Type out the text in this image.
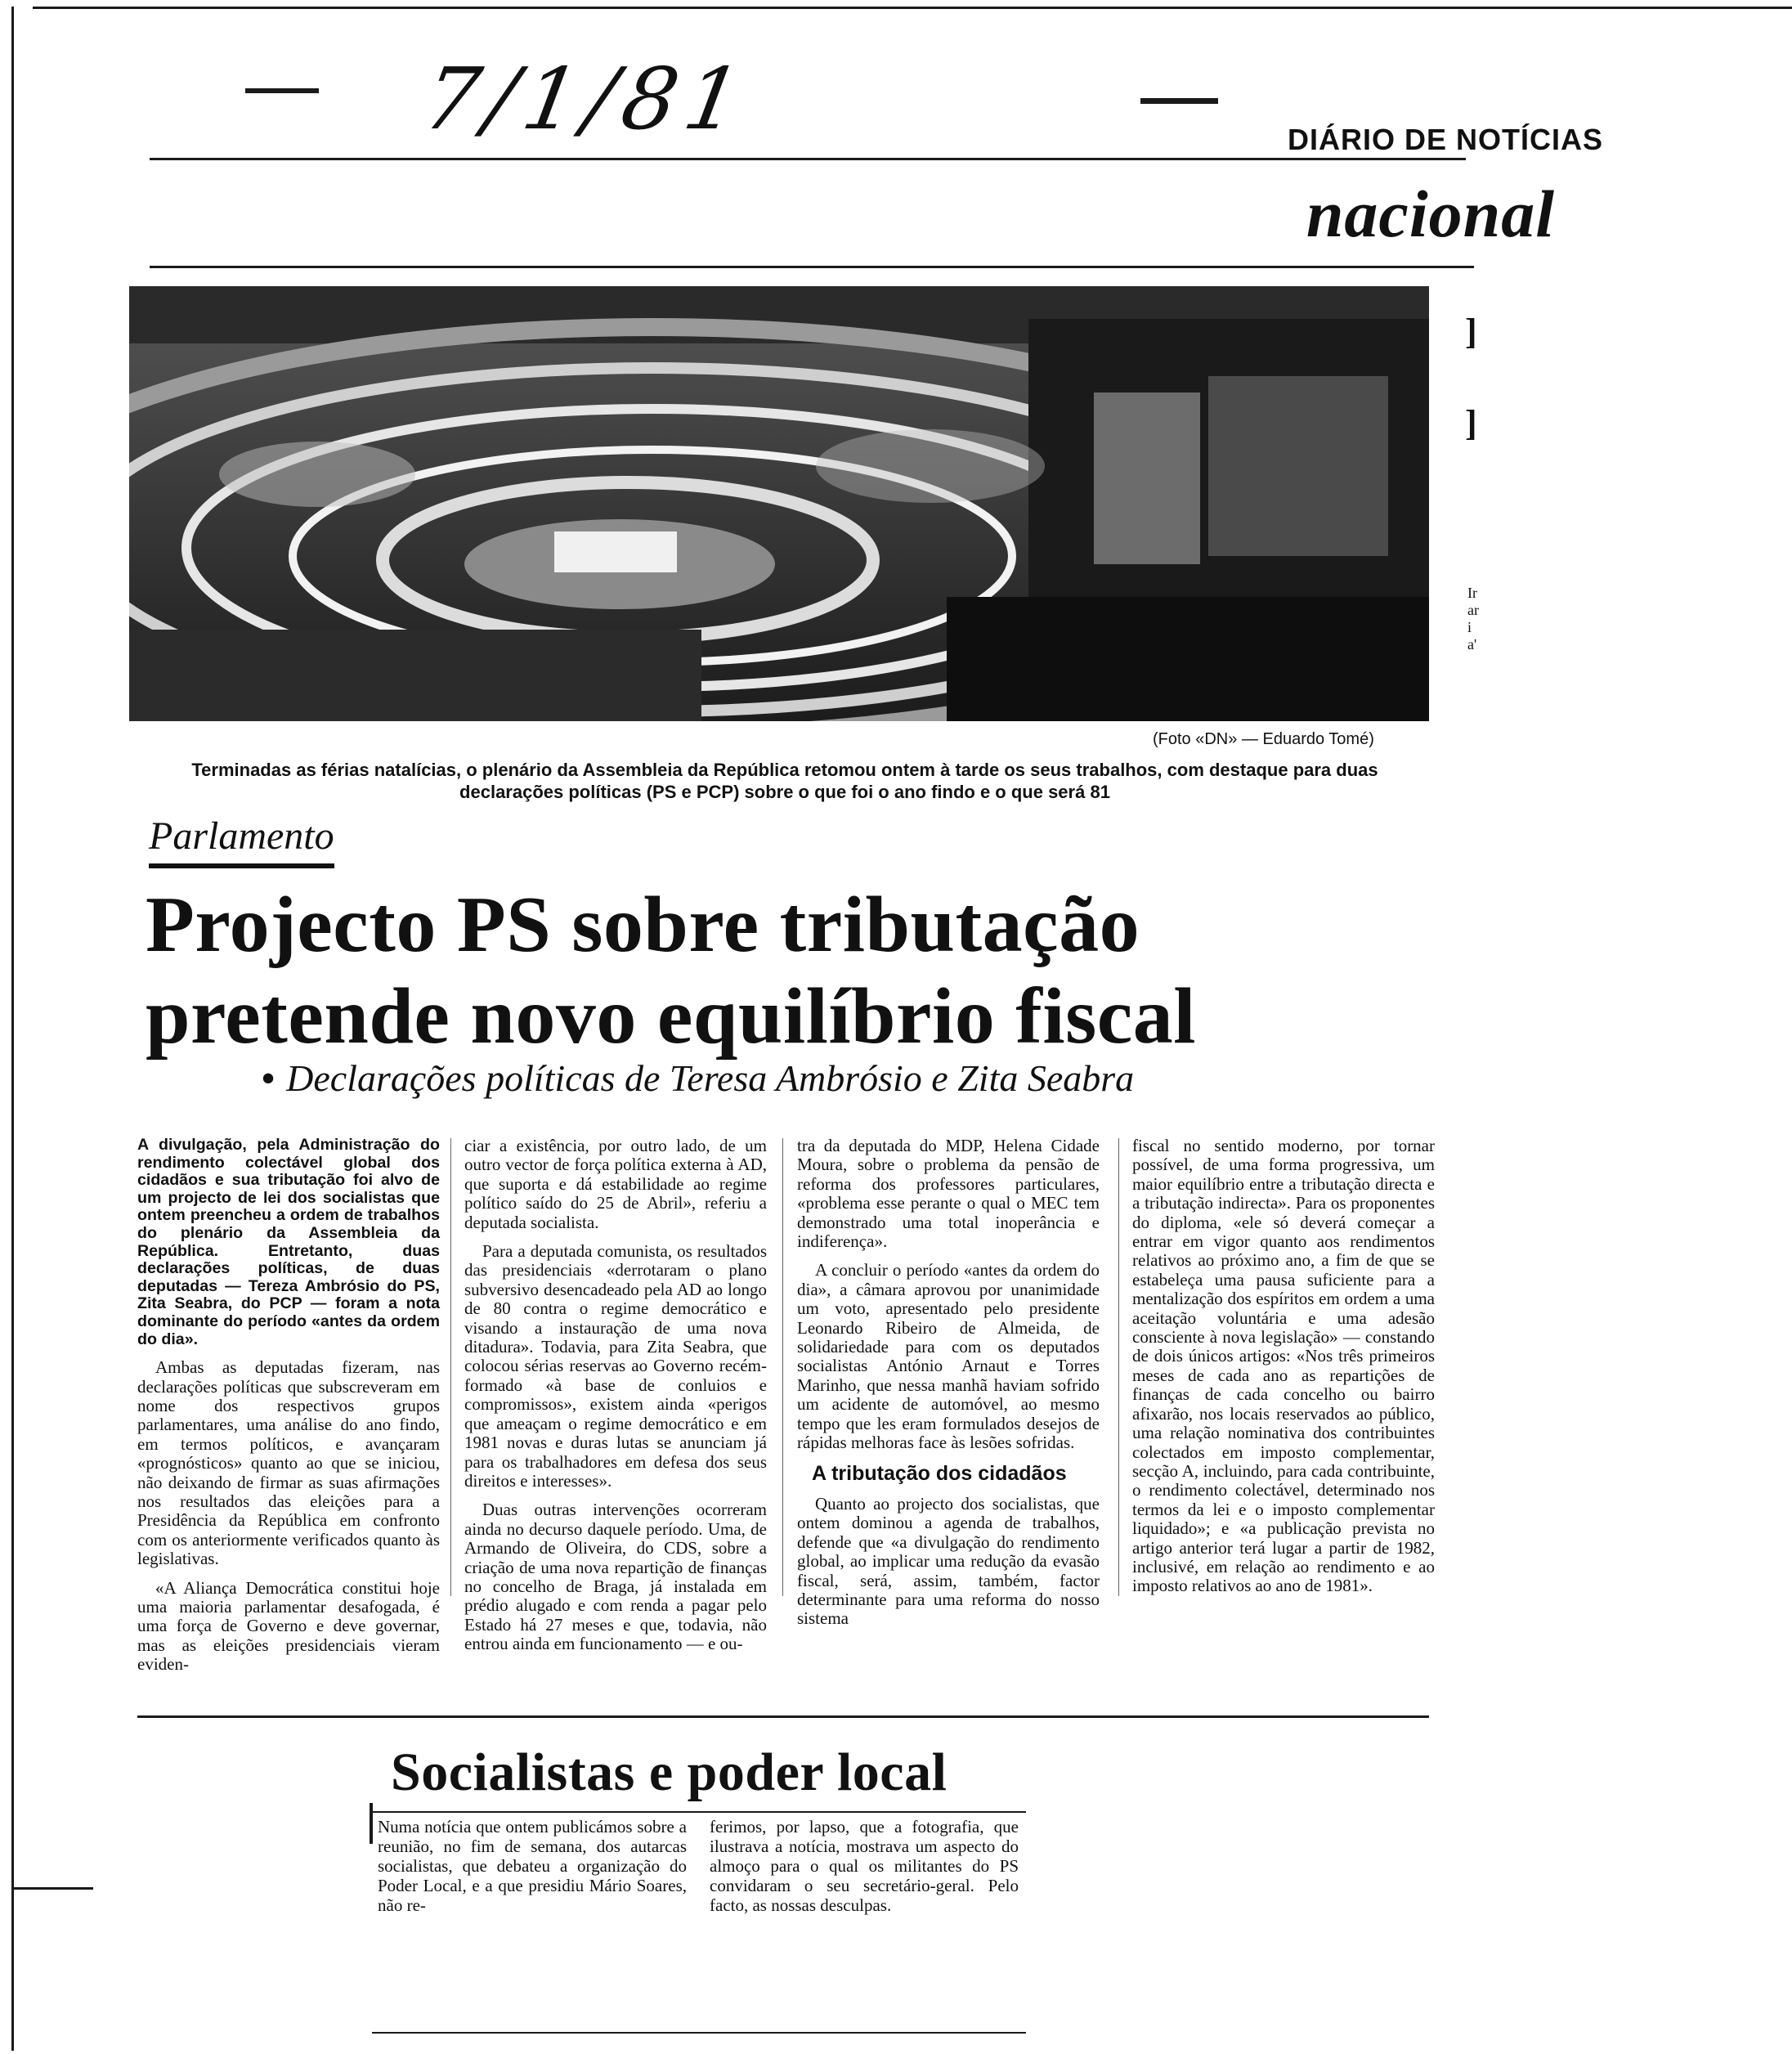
7/1/81	DIÁRIO DE NOTÍCIAS
nacional
(Foto «DN» — Eduardo Tomé)
Terminadas as férias natalícias, o plenário da Assembleia da República retomou ontem à tarde os seus trabalhos, com destaque para duas declarações políticas (PS e PCP) sobre o que foi o ano findo e o que será 81
Parlamento
Projecto PS sobre tributação
pretende novo equilíbrio fiscal
• Declarações políticas de Teresa Ambrósio e Zita Seabra

A divulgação, pela Administração do rendimento colectável global dos cidadãos e sua tributação foi alvo de um projecto de lei dos socialistas que ontem preencheu a ordem de trabalhos do plenário da Assembleia da República. Entretanto, duas declarações políticas, de duas deputadas — Tereza Ambrósio do PS, Zita Seabra, do PCP — foram a nota dominante do período «antes da ordem do dia».

Ambas as deputadas fizeram, nas declarações políticas que subscreveram em nome dos respectivos grupos parlamentares, uma análise do ano findo, em termos políticos, e avançaram «prognósticos» quanto ao que se iniciou, não deixando de firmar as suas afirmações nos resultados das eleições para a Presidência da República em confronto com os anteriormente verificados quanto às legislativas.

«A Aliança Democrática constitui hoje uma maioria parlamentar desafogada, é uma força de Governo e deve governar, mas as eleições presidenciais vieram eviden-

ciar a existência, por outro lado, de um outro vector de força política externa à AD, que suporta e dá estabilidade ao regime político saído do 25 de Abril», referiu a deputada socialista.

Para a deputada comunista, os resultados das presidenciais «derrotaram o plano subversivo desencadeado pela AD ao longo de 80 contra o regime democrático e visando a instauração de uma nova ditadura». Todavia, para Zita Seabra, que colocou sérias reservas ao Governo recém-formado «à base de conluios e compromissos», existem ainda «perigos que ameaçam o regime democrático e em 1981 novas e duras lutas se anunciam já para os trabalhadores em defesa dos seus direitos e interesses».

Duas outras intervenções ocorreram ainda no decurso daquele período. Uma, de Armando de Oliveira, do CDS, sobre a criação de uma nova repartição de finanças no concelho de Braga, já instalada em prédio alugado e com renda a pagar pelo Estado há 27 meses e que, todavia, não entrou ainda em funcionamento — e ou-

tra da deputada do MDP, Helena Cidade Moura, sobre o problema da pensão de reforma dos professores particulares, «problema esse perante o qual o MEC tem demonstrado uma total inoperância e indiferença».

A concluir o período «antes da ordem do dia», a câmara aprovou por unanimidade um voto, apresentado pelo presidente Leonardo Ribeiro de Almeida, de solidariedade para com os deputados socialistas António Arnaut e Torres Marinho, que nessa manhã haviam sofrido um acidente de automóvel, ao mesmo tempo que les eram formulados desejos de rápidas melhoras face às lesões sofridas.

A tributação dos cidadãos

Quanto ao projecto dos socialistas, que ontem dominou a agenda de trabalhos, defende que «a divulgação do rendimento global, ao implicar uma redução da evasão fiscal, será, assim, também, factor determinante para uma reforma do nosso sistema

fiscal no sentido moderno, por tornar possível, de uma forma progressiva, um maior equilíbrio entre a tributação directa e a tributação indirecta». Para os proponentes do diploma, «ele só deverá começar a entrar em vigor quanto aos rendimentos relativos ao próximo ano, a fim de que se estabeleça uma pausa suficiente para a mentalização dos espíritos em ordem a uma aceitação voluntária e uma adesão consciente à nova legislação» — constando de dois únicos artigos: «Nos três primeiros meses de cada ano as repartições de finanças de cada concelho ou bairro afixarão, nos locais reservados ao público, uma relação nominativa dos contribuintes colectados em imposto complementar, secção A, incluindo, para cada contribuinte, o rendimento colectável, determinado nos termos da lei e o imposto complementar liquidado»; e «a publicação prevista no artigo anterior terá lugar a partir de 1982, inclusivé, em relação ao rendimento e ao imposto relativos ao ano de 1981».

Socialistas e poder local

Numa notícia que ontem publicámos sobre a reunião, no fim de semana, dos autarcas socialistas, que debateu a organização do Poder Local, e a que presidiu Mário Soares, não re-

ferimos, por lapso, que a fotografia, que ilustrava a notícia, mostrava um aspecto do almoço para o qual os militantes do PS convidaram o seu secretário-geral. Pelo facto, as nossas desculpas.

]
]
Iraria'
